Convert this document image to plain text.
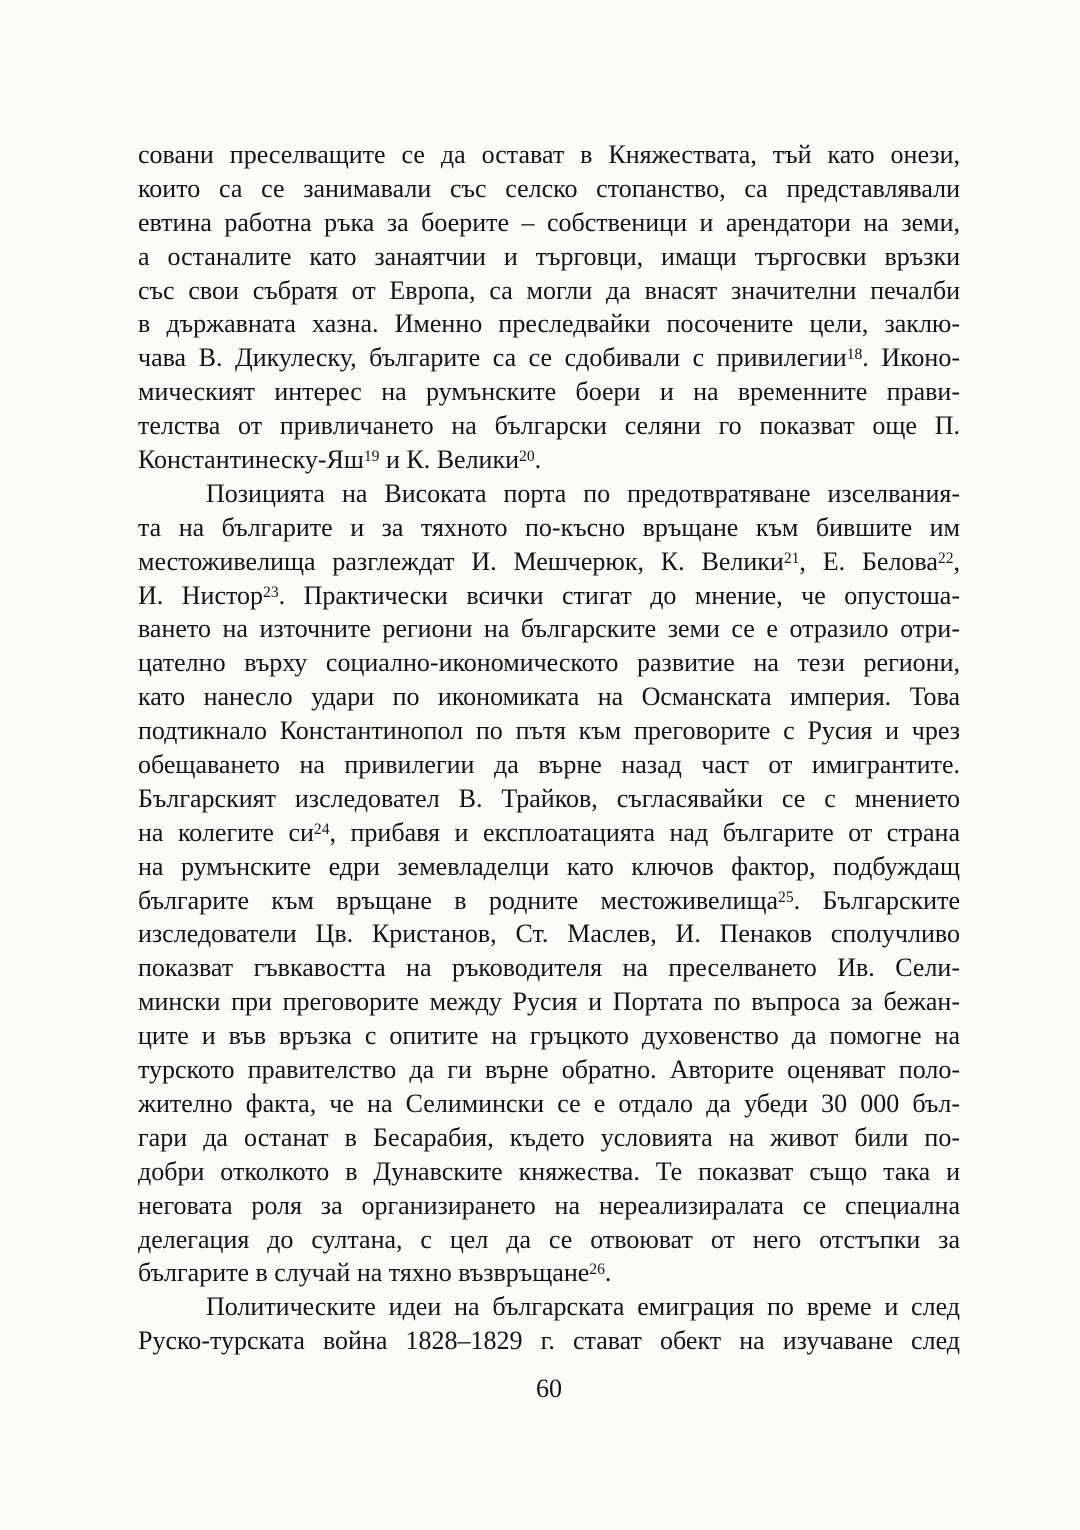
совани преселващите се да остават в Княжествата, тъй като онези,
които са се занимавали със селско стопанство, са представлявали
евтина работна ръка за боерите – собственици и арендатори на земи,
а останалите като занаятчии и търговци, имащи търгосвки връзки
със свои събратя от Европа, са могли да внасят значителни печалби
в държавната хазна. Именно преследвайки посочените цели, заклю-
чава В. Дикулеску, българите са се сдобивали с привилегии$^{18}$. Иконо-
мическият интерес на румънските боери и на временните прави-
телства от привличането на български селяни го показват още П.
Константинеску-$Яш^{19}$ и К. Велики$^{20}$.
Позицията на Високата порта по предотвратяване изселвания-
та на българите и за тяхното по-късно връщане към бившите им
местоживелища разглеждат И. Мешчерюк, К. Велики$^{21}$, Е. Белова$^{22}$,
И. Нистор$^{23}$. Практически всички стигат до мнение, че опустоша-
ването на източните региони на българските земи се е отразило отри-
цателно върху социално-икономическото развитие на тези региони,
като нанесло удари по икономиката на Османската империя. Това
подтикнало Константинопол по пътя към преговорите с Русия и чрез
обещаването на привилегии да върне назад част от имигрантите.
Българският изследовател В. Трайков, съгласявайки се с мнението
на колегите $си^{24}$, прибавя и експлоатацията над българите от страна
на румънските едри земевладелци като ключов фактор, подбуждащ
българите към връщане в родните местоживелища$^{25}$. Българските
изследователи Цв. Кристанов, Ст. Маслев, И. Пенаков сполучливо
показват гъвкавостта на ръководителя на преселването Ив. Сели-
мински при преговорите между Русия и Портата по въпроса за бежан-
ците и във връзка с опитите на гръцкото духовенство да помогне на
турското правителство да ги върне обратно. Авторите оценяват поло-
жително факта, че на Селимински се е отдало да убеди 30 000 бъл-
гари да останат в Бесарабия, където условията на живот били по-
добри отколкото в Дунавските княжества. Те показват също така и
неговата роля за организирането на нереализиралата се специална
делегация до султана, с цел да се отвоюват от него отстъпки за
българите в случай на тяхно възвръщане$^{26}$.
Политическите идеи на българската емиграция по време и след
Руско-турската война 1828–1829 г. стават обект на изучаване след
60
